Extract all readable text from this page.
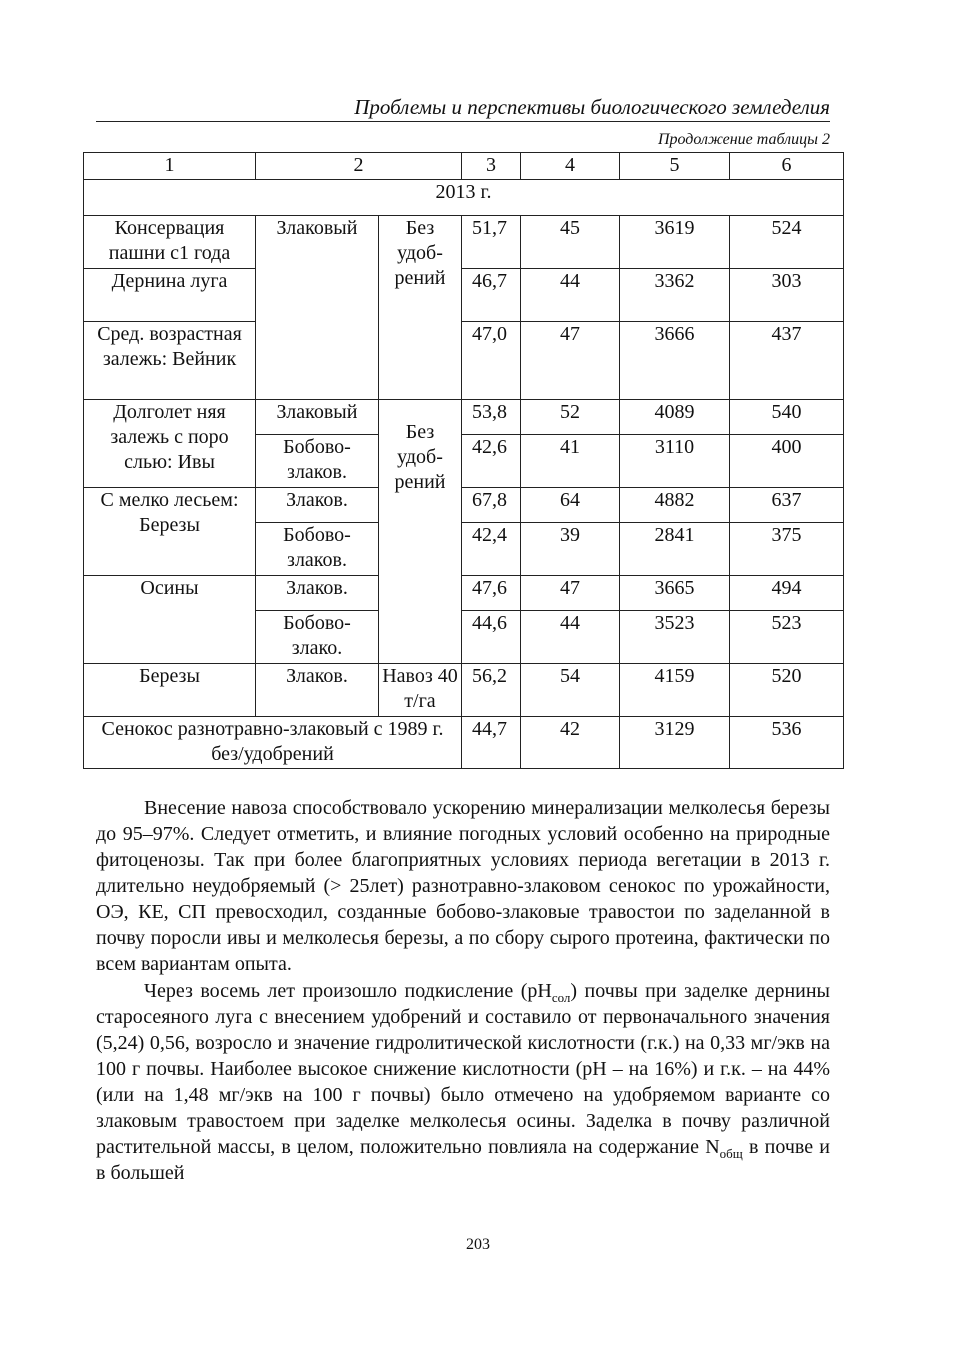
Проблемы и перспективы биологического земледелия
Продолжение таблицы 2
1	2		3	4	5	6
2013 г.						
Консервация пашни с1 года	Злаковый	Без удоб-рений	51,7	45	3619	524
Дернина луга			46,7	44	3362	303
Сред. возрастная залежь: Вейник			47,0	47	3666	437
Долголет няя залежь с поро слью: Ивы	Злаковый	Без удоб-рений	53,8	52	4089	540
	Бобово-злаков.		42,6	41	3110	400
С мелко лесьем: Березы	Злаков.		67,8	64	4882	637
	Бобово-злаков.		42,4	39	2841	375
Осины	Злаков.		47,6	47	3665	494
	Бобово-злако.		44,6	44	3523	523
Березы	Злаков.	Навоз 40 т/га	56,2	54	4159	520
Сенокос разнотравно-злаковый с 1989 г. без/удобрений			44,7	42	3129	536

Внесение навоза способствовало ускорению минерализации мелколесья березы до 95–97%. Следует отметить, и влияние погодных условий особенно на природные фитоценозы. Так при более благоприятных условиях периода вегетации в 2013 г. длительно неудобряемый (> 25лет) разнотравно-злаковом сенокос по урожайности, ОЭ, КЕ, СП превосходил, созданные бобово-злаковые травостои по заделанной в почву поросли ивы и мелколесья березы, а по сбору сырого протеина, фактически по всем вариантам опыта.

Через восемь лет произошло подкисление $(pH_{сол})$ почвы при заделке дернины старосеяного луга с внесением удобрений и составило от первоначального значения (5,24) 0,56, возросло и значение гидролитической кислотности (г.к.) на 0,33 мг/экв на 100 г почвы. Наиболее высокое снижение кислотности (рН – на 16%) и г.к. – на 44% (или на 1,48 мг/экв на 100 г почвы) было отмечено на удобряемом варианте со злаковым травостоем при заделке мелколесья осины. Заделка в почву различной растительной массы, в целом, положительно повлияла на содержание $N_{общ}$ в почве и в большей

203
